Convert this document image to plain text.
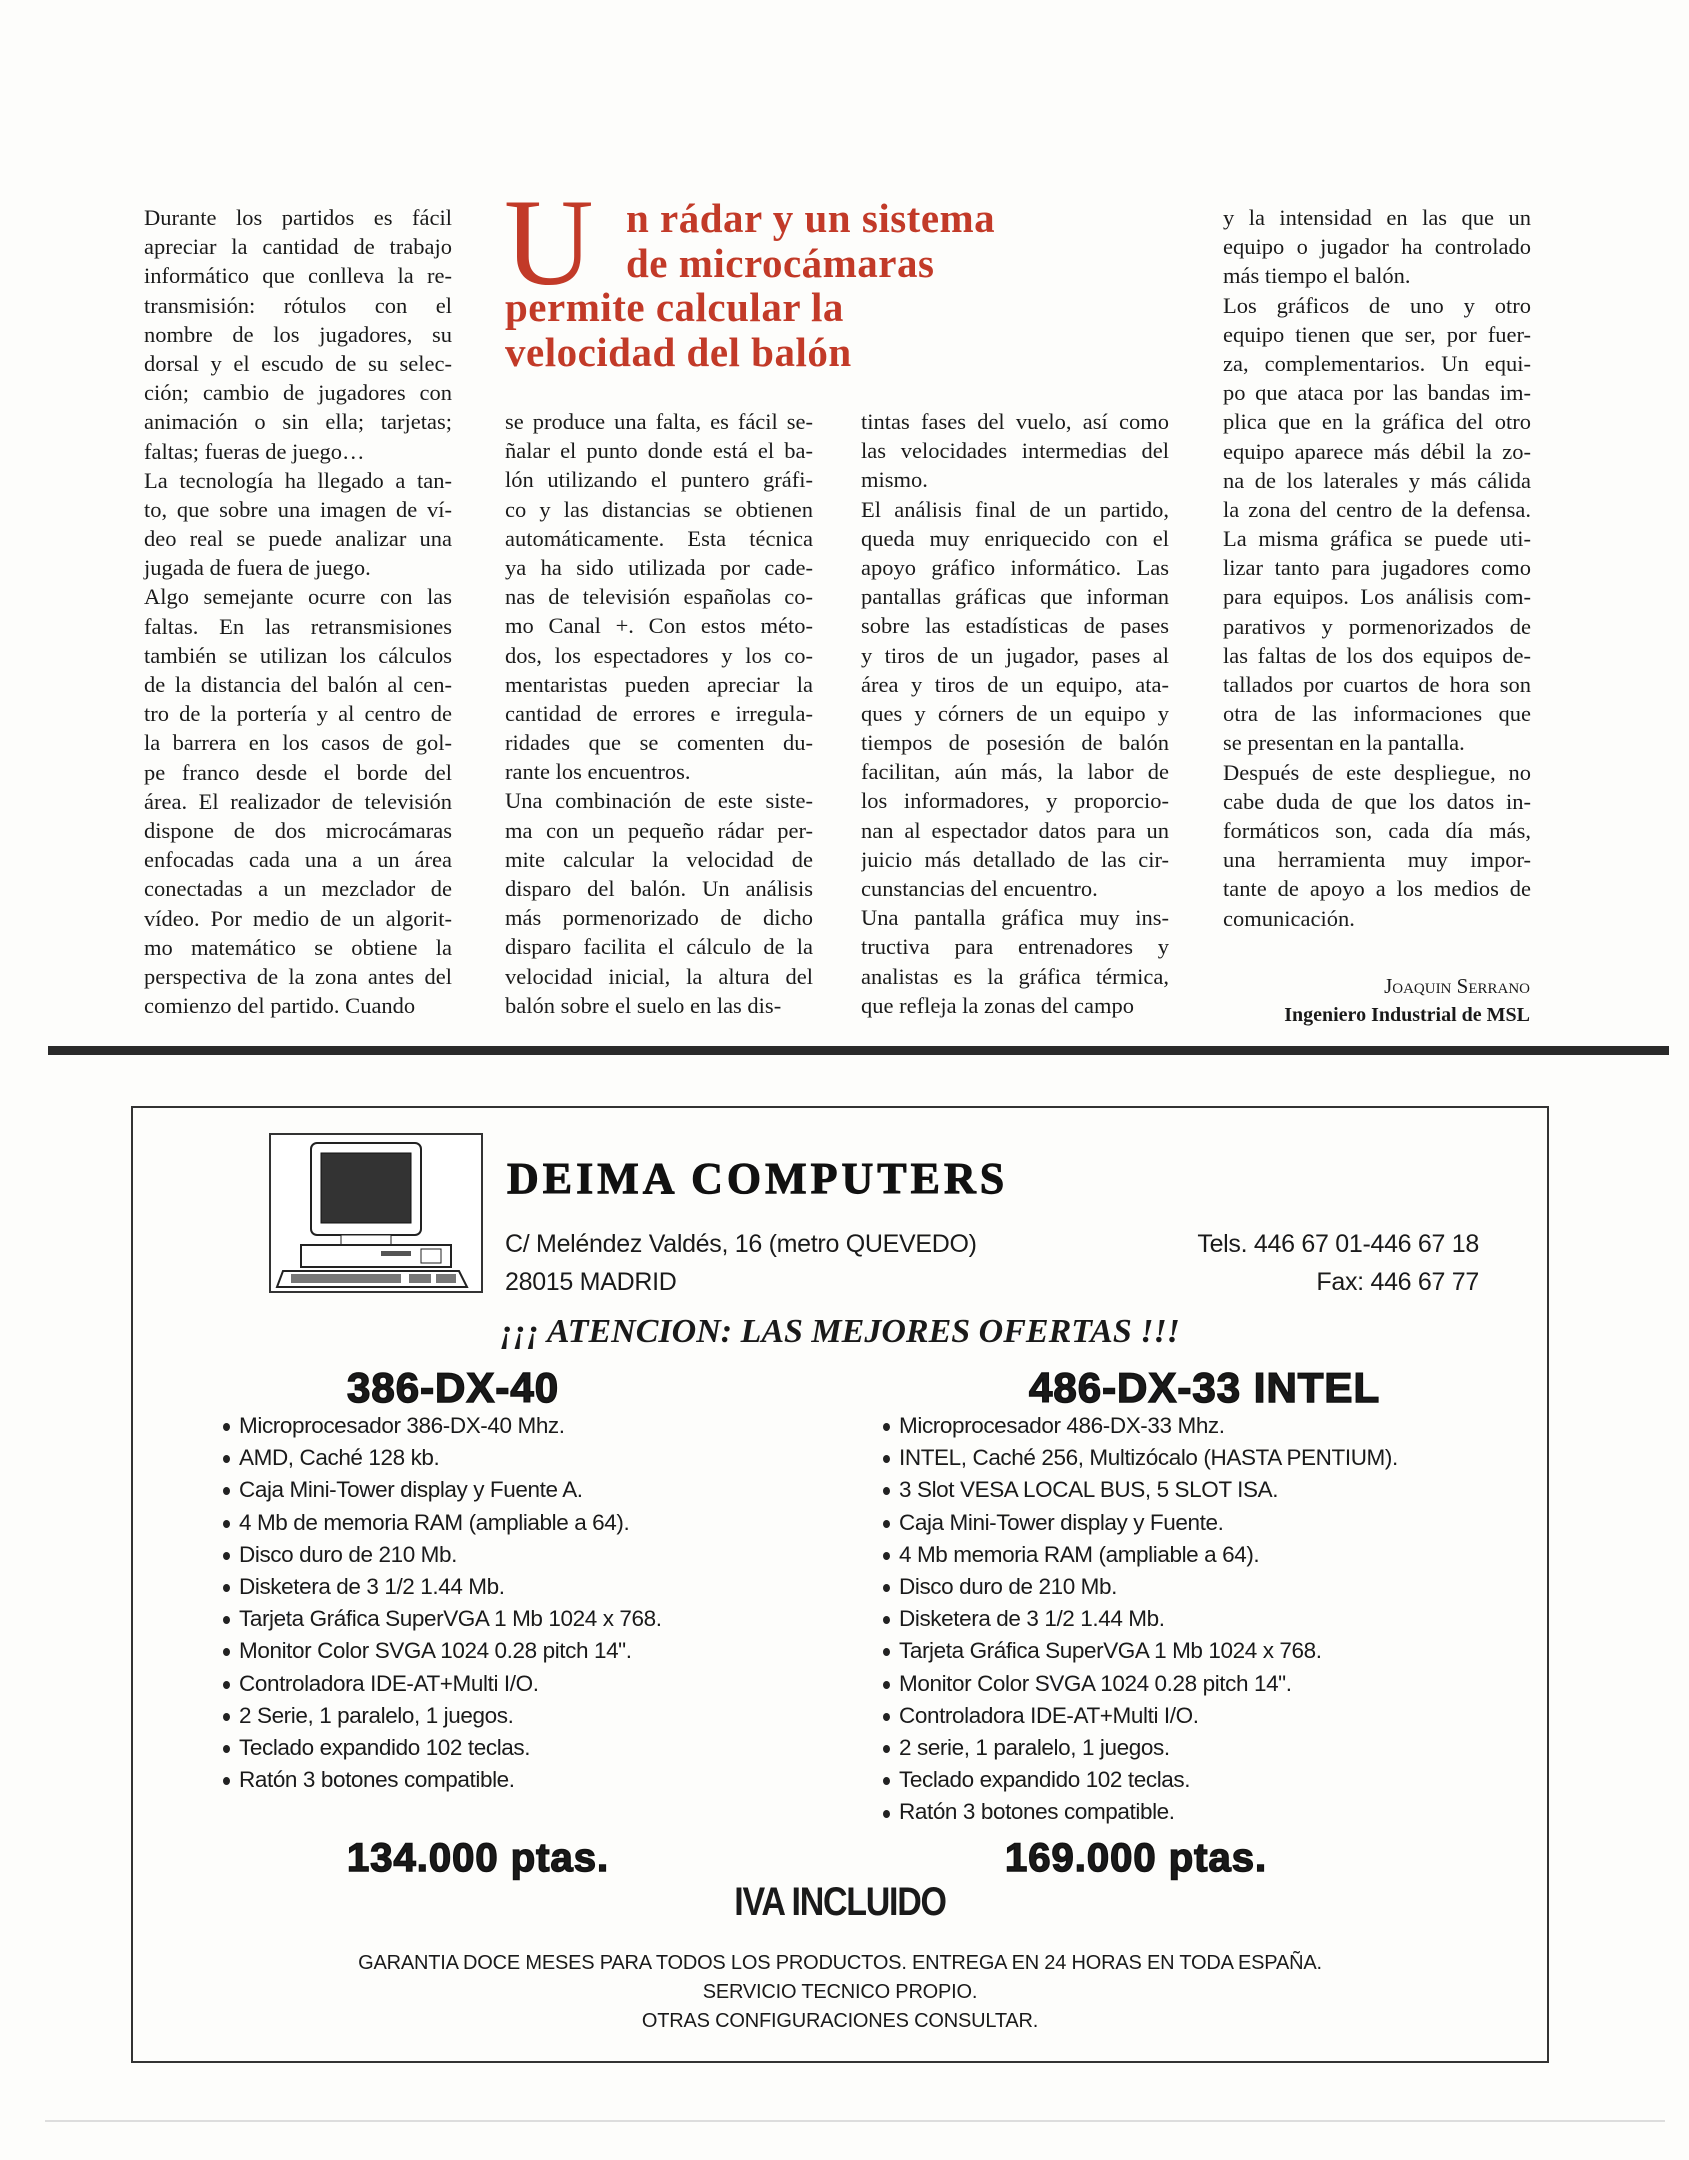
U n rádar y un sistema
de microcámaras
permite calcular la
velocidad del balón
Durante los partidos es fácil
apreciar la cantidad de trabajo
informático que conlleva la re-
transmisión: rótulos con el
nombre de los jugadores, su
dorsal y el escudo de su selec-
ción; cambio de jugadores con
animación o sin ella; tarjetas;
faltas; fueras de juego…
La tecnología ha llegado a tan-
to, que sobre una imagen de ví-
deo real se puede analizar una
jugada de fuera de juego.
Algo semejante ocurre con las
faltas. En las retransmisiones
también se utilizan los cálculos
de la distancia del balón al cen-
tro de la portería y al centro de
la barrera en los casos de gol-
pe franco desde el borde del
área. El realizador de televisión
dispone de dos microcámaras
enfocadas cada una a un área
conectadas a un mezclador de
vídeo. Por medio de un algorit-
mo matemático se obtiene la
perspectiva de la zona antes del
comienzo del partido. Cuando
se produce una falta, es fácil se-
ñalar el punto donde está el ba-
lón utilizando el puntero gráfi-
co y las distancias se obtienen
automáticamente. Esta técnica
ya ha sido utilizada por cade-
nas de televisión españolas co-
mo Canal +. Con estos méto-
dos, los espectadores y los co-
mentaristas pueden apreciar la
cantidad de errores e irregula-
ridades que se comenten du-
rante los encuentros.
Una combinación de este siste-
ma con un pequeño rádar per-
mite calcular la velocidad de
disparo del balón. Un análisis
más pormenorizado de dicho
disparo facilita el cálculo de la
velocidad inicial, la altura del
balón sobre el suelo en las dis-
tintas fases del vuelo, así como
las velocidades intermedias del
mismo.
El análisis final de un partido,
queda muy enriquecido con el
apoyo gráfico informático. Las
pantallas gráficas que informan
sobre las estadísticas de pases
y tiros de un jugador, pases al
área y tiros de un equipo, ata-
ques y córners de un equipo y
tiempos de posesión de balón
facilitan, aún más, la labor de
los informadores, y proporcio-
nan al espectador datos para un
juicio más detallado de las cir-
cunstancias del encuentro.
Una pantalla gráfica muy ins-
tructiva para entrenadores y
analistas es la gráfica térmica,
que refleja la zonas del campo
y la intensidad en las que un
equipo o jugador ha controlado
más tiempo el balón.
Los gráficos de uno y otro
equipo tienen que ser, por fuer-
za, complementarios. Un equi-
po que ataca por las bandas im-
plica que en la gráfica del otro
equipo aparece más débil la zo-
na de los laterales y más cálida
la zona del centro de la defensa.
La misma gráfica se puede uti-
lizar tanto para jugadores como
para equipos. Los análisis com-
parativos y pormenorizados de
las faltas de los dos equipos de-
tallados por cuartos de hora son
otra de las informaciones que
se presentan en la pantalla.
Después de este despliegue, no
cabe duda de que los datos in-
formáticos son, cada día más,
una herramienta muy impor-
tante de apoyo a los medios de
comunicación.
Joaquin Serrano
Ingeniero Industrial de MSL
DEIMA COMPUTERS
C/ Meléndez Valdés, 16 (metro QUEVEDO)
28015 MADRID
Tels. 446 67 01-446 67 18
Fax: 446 67 77
¡¡¡ ATENCION: LAS MEJORES OFERTAS !!!
386-DX-40	486-DX-33 INTEL
Microprocesador 386-DX-40 Mhz.
AMD, Caché 128 kb.
Caja Mini-Tower display y Fuente A.
4 Mb de memoria RAM (ampliable a 64).
Disco duro de 210 Mb.
Disketera de 3 1/2 1.44 Mb.
Tarjeta Gráfica SuperVGA 1 Mb 1024 x 768.
Monitor Color SVGA 1024 0.28 pitch 14".
Controladora IDE-AT+Multi I/O.
2 Serie, 1 paralelo, 1 juegos.
Teclado expandido 102 teclas.
Ratón 3 botones compatible.
Microprocesador 486-DX-33 Mhz.
INTEL, Caché 256, Multizócalo (HASTA PENTIUM).
3 Slot VESA LOCAL BUS, 5 SLOT ISA.
Caja Mini-Tower display y Fuente.
4 Mb memoria RAM (ampliable a 64).
Disco duro de 210 Mb.
Disketera de 3 1/2 1.44 Mb.
Tarjeta Gráfica SuperVGA 1 Mb 1024 x 768.
Monitor Color SVGA 1024 0.28 pitch 14".
Controladora IDE-AT+Multi I/O.
2 serie, 1 paralelo, 1 juegos.
Teclado expandido 102 teclas.
Ratón 3 botones compatible.
134.000 ptas.	169.000 ptas.
IVA INCLUIDO
GARANTIA DOCE MESES PARA TODOS LOS PRODUCTOS. ENTREGA EN 24 HORAS EN TODA ESPAÑA.
SERVICIO TECNICO PROPIO.
OTRAS CONFIGURACIONES CONSULTAR.
